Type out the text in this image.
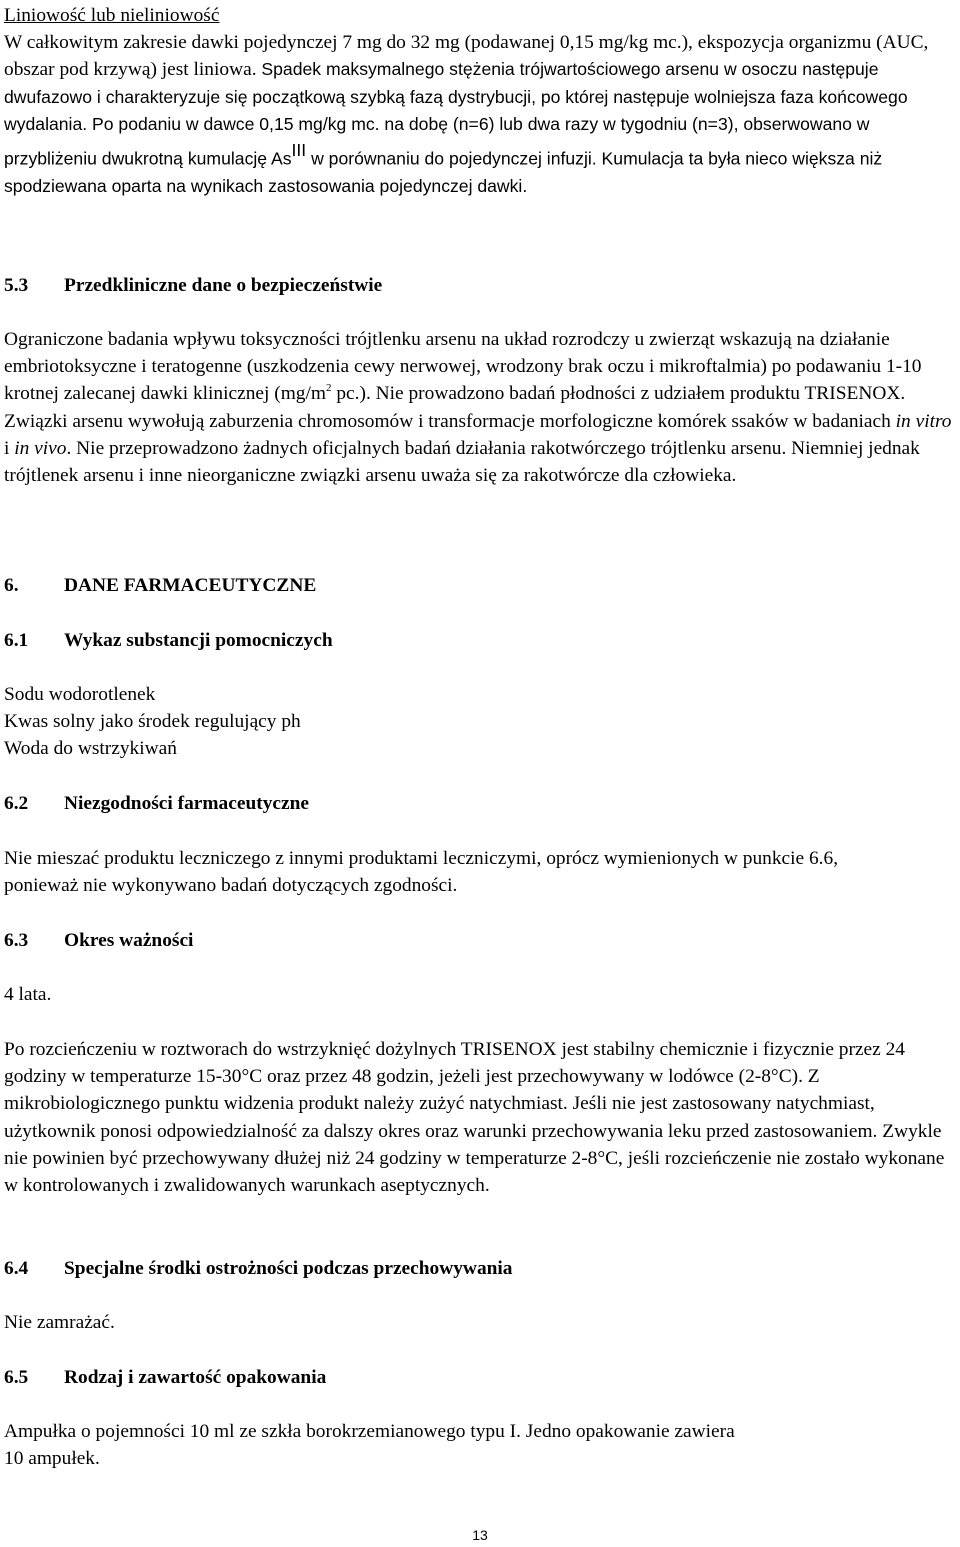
Liniowość lub nieliniowość

W całkowitym zakresie dawki pojedynczej 7 mg do 32 mg (podawanej 0,15 mg/kg mc.), ekspozycja organizmu (AUC, obszar pod krzywą) jest liniowa. Spadek maksymalnego stężenia trójwartościowego arsenu w osoczu następuje dwufazowo i charakteryzuje się początkową szybką fazą dystrybucji, po której następuje wolniejsza faza końcowego wydalania. Po podaniu w dawce 0,15 mg/kg mc. na dobę (n=6) lub dwa razy w tygodniu (n=3), obserwowano w przybliżeniu dwukrotną kumulację $As^{III}$ w porównaniu do pojedynczej infuzji. Kumulacja ta była nieco większa niż spodziewana oparta na wynikach zastosowania pojedynczej dawki.

5.3	Przedkliniczne dane o bezpieczeństwie

Ograniczone badania wpływu toksyczności trójtlenku arsenu na układ rozrodczy u zwierząt wskazują na działanie embriotoksyczne i teratogenne (uszkodzenia cewy nerwowej, wrodzony brak oczu i mikroftalmia) po podawaniu 1-10 krotnej zalecanej dawki klinicznej ($mg/m^2$ pc.). Nie prowadzono badań płodności z udziałem produktu TRISENOX. Związki arsenu wywołują zaburzenia chromosomów i transformacje morfologiczne komórek ssaków w badaniach in vitro i in vivo. Nie przeprowadzono żadnych oficjalnych badań działania rakotwórczego trójtlenku arsenu. Niemniej jednak trójtlenek arsenu i inne nieorganiczne związki arsenu uważa się za rakotwórcze dla człowieka.

6.	DANE FARMACEUTYCZNE
6.1	Wykaz substancji pomocniczych

Sodu wodorotlenek

Kwas solny jako środek regulujący ph

Woda do wstrzykiwań

6.2	Niezgodności farmaceutyczne

Nie mieszać produktu leczniczego z innymi produktami leczniczymi, oprócz wymienionych w punkcie 6.6, ponieważ nie wykonywano badań dotyczących zgodności.

6.3	Okres ważności

4 lata.

Po rozcieńczeniu w roztworach do wstrzyknięć dożylnych TRISENOX jest stabilny chemicznie i fizycznie przez 24 godziny w temperaturze 15-30°C oraz przez 48 godzin, jeżeli jest przechowywany w lodówce (2-8°C). Z mikrobiologicznego punktu widzenia produkt należy zużyć natychmiast. Jeśli nie jest zastosowany natychmiast, użytkownik ponosi odpowiedzialność za dalszy okres oraz warunki przechowywania leku przed zastosowaniem. Zwykle nie powinien być przechowywany dłużej niż 24 godziny w temperaturze 2-8°C, jeśli rozcieńczenie nie zostało wykonane w kontrolowanych i zwalidowanych warunkach aseptycznych.

6.4	Specjalne środki ostrożności podczas przechowywania

Nie zamrażać.

6.5	Rodzaj i zawartość opakowania

Ampułka o pojemności 10 ml ze szkła borokrzemianowego typu I. Jedno opakowanie zawiera

10 ampułek.

13
